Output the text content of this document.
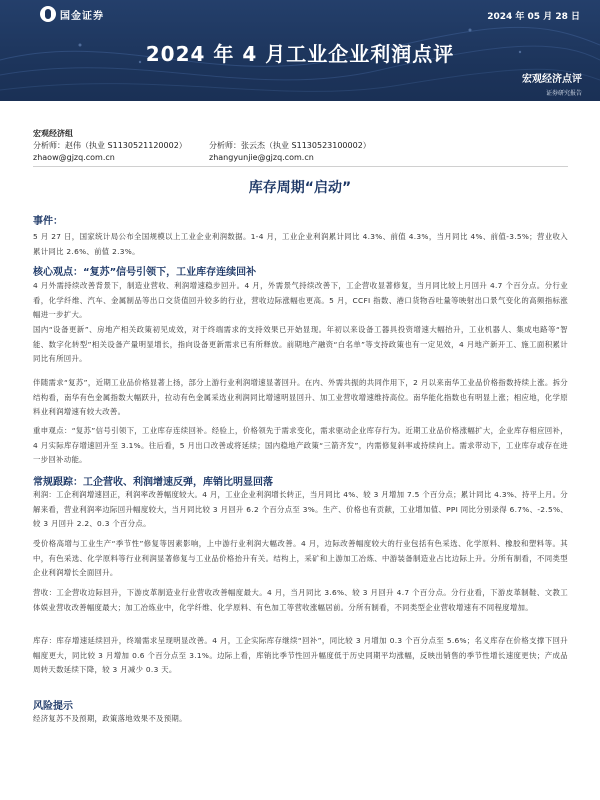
国金证券	2024 年 05 月 28 日
2024 年 4 月工业企业利润点评
宏观经济点评
证券研究报告
宏观经济组
分析师：赵伟（执业 S1130521120002）
zhaow@gjzq.com.cn
分析师：张云杰（执业 S1130523100002）
zhangyunjie@gjzq.com.cn
库存周期“启动”
事件：
5 月 27 日，国家统计局公布全国规模以上工业企业利润数据。1-4 月，工业企业利润累计同比 4.3%、前值 4.3%，当月同比 4%、前值-3.5%；营业收入累计同比 2.6%、前值 2.3%。
核心观点：“复苏”信号引领下，工业库存连续回补
4 月外需持续改善背景下，制造业营收、利润增速稳步回升。4 月，外需景气持续改善下，工企营收显著修复，当月同比较上月回升 4.7 个百分点。分行业看，化学纤维、汽车、金属制品等出口交货值回升较多的行业，营收边际涨幅也更高。5 月，CCFI 指数、港口货物吞吐量等映射出口景气变化的高频指标涨幅进一步扩大。
国内“设备更新”、房地产相关政策初见成效，对于终端需求的支持效果已开始显现。年初以来设备工器具投资增速大幅抬升，工业机器人、集成电路等“智能、数字化转型”相关设备产量明显增长，指向设备更新需求已有所释放。前期地产融资“白名单”等支持政策也有一定见效，4 月地产新开工、施工面积累计同比有所回升。
伴随需求“复苏”，近期工业品价格显著上扬，部分上游行业利润增速显著回升。在内、外需共振的共同作用下，2 月以来南华工业品价格指数持续上涨。拆分结构看，南华有色金属指数大幅跃升，拉动有色金属采选业利润同比增速明显回升、加工业营收增速维持高位。南华能化指数也有明显上涨；相应地，化学原料业利润增速有较大改善。
重申观点：“复苏”信号引领下，工业库存连续回补。经验上，价格领先于需求变化，需求驱动企业库存行为。近期工业品价格涨幅扩大，企业库存相应回补，4 月实际库存增速回升至 3.1%。往后看，5 月出口改善或将延续；国内稳地产政策“三箭齐发”，内需修复斜率或持续向上。需求带动下，工业库存或存在进一步回补动能。
常规跟踪：工企营收、利润增速反弹，库销比明显回落
利润：工企利润增速回正，利润率改善幅度较大。4 月，工业企业利润增长转正，当月同比 4%、较 3 月增加 7.5 个百分点；累计同比 4.3%、持平上月。分解来看，营业利润率边际回升幅度较大，当月同比较 3 月回升 6.2 个百分点至 3%。生产、价格也有贡献，工业增加值、PPI 同比分别录得 6.7%、-2.5%、较 3 月回升 2.2、0.3 个百分点。
受价格高增与工业生产“季节性”修复等因素影响，上中游行业利润大幅改善。4 月，边际改善幅度较大的行业包括有色采选、化学原料、橡胶和塑料等。其中，有色采选、化学原料等行业利润显著修复与工业品价格抬升有关。结构上，采矿和上游加工冶炼、中游装备制造业占比边际上升。分所有制看，不同类型企业利润增长全面回升。
营收：工企营收边际回升，下游皮革制造业行业营收改善幅度最大。4 月，当月同比 3.6%、较 3 月回升 4.7 个百分点。分行业看，下游皮革制鞋、文教工体娱业营收改善幅度最大；加工冶炼业中，化学纤维、化学原料、有色加工等营收涨幅居前。分所有制看，不同类型企业营收增速有不同程度增加。
库存：库存增速延续回升，终端需求呈现明显改善。4 月，工企实际库存继续“回补”，同比较 3 月增加 0.3 个百分点至 5.6%；名义库存在价格支撑下回升幅度更大，同比较 3 月增加 0.6 个百分点至 3.1%。边际上看，库销比季节性回升幅度低于历史同期平均涨幅，反映出销售的季节性增长速度更快；产成品周转天数延续下降，较 3 月减少 0.3 天。
风险提示
经济复苏不及预期，政策落地效果不及预期。
